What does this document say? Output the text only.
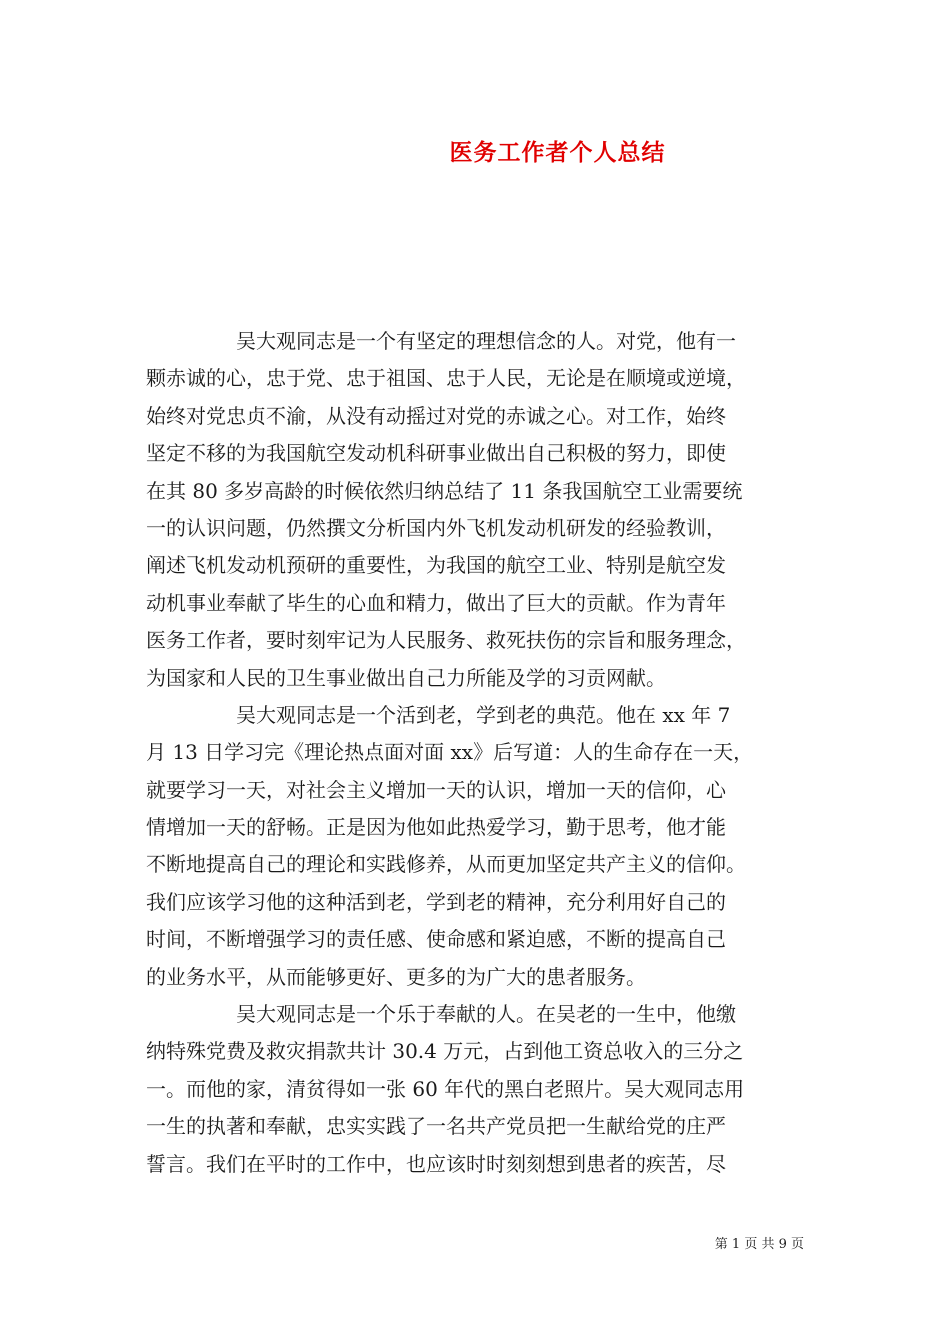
医务工作者个人总结
吴大观同志是一个有坚定的理想信念的人。对党，他有一
颗赤诚的心，忠于党、忠于祖国、忠于人民，无论是在顺境或逆境，
始终对党忠贞不渝，从没有动摇过对党的赤诚之心。对工作，始终
坚定不移的为我国航空发动机科研事业做出自己积极的努力，即使
在其 80 多岁高龄的时候依然归纳总结了 11 条我国航空工业需要统
一的认识问题，仍然撰文分析国内外飞机发动机研发的经验教训，
阐述飞机发动机预研的重要性，为我国的航空工业、特别是航空发
动机事业奉献了毕生的心血和精力，做出了巨大的贡献。作为青年
医务工作者，要时刻牢记为人民服务、救死扶伤的宗旨和服务理念，
为国家和人民的卫生事业做出自己力所能及学的习贡网献。
吴大观同志是一个活到老，学到老的典范。他在 xx 年 7
月 13 日学习完《理论热点面对面 xx》后写道：人的生命存在一天，
就要学习一天，对社会主义增加一天的认识，增加一天的信仰，心
情增加一天的舒畅。正是因为他如此热爱学习，勤于思考，他才能
不断地提高自己的理论和实践修养，从而更加坚定共产主义的信仰。
我们应该学习他的这种活到老，学到老的精神，充分利用好自己的
时间，不断增强学习的责任感、使命感和紧迫感，不断的提高自己
的业务水平，从而能够更好、更多的为广大的患者服务。
吴大观同志是一个乐于奉献的人。在吴老的一生中，他缴
纳特殊党费及救灾捐款共计 30.4 万元，占到他工资总收入的三分之
一。而他的家，清贫得如一张 60 年代的黑白老照片。吴大观同志用
一生的执著和奉献，忠实实践了一名共产党员把一生献给党的庄严
誓言。我们在平时的工作中，也应该时时刻刻想到患者的疾苦，尽
第 1 页 共 9 页
